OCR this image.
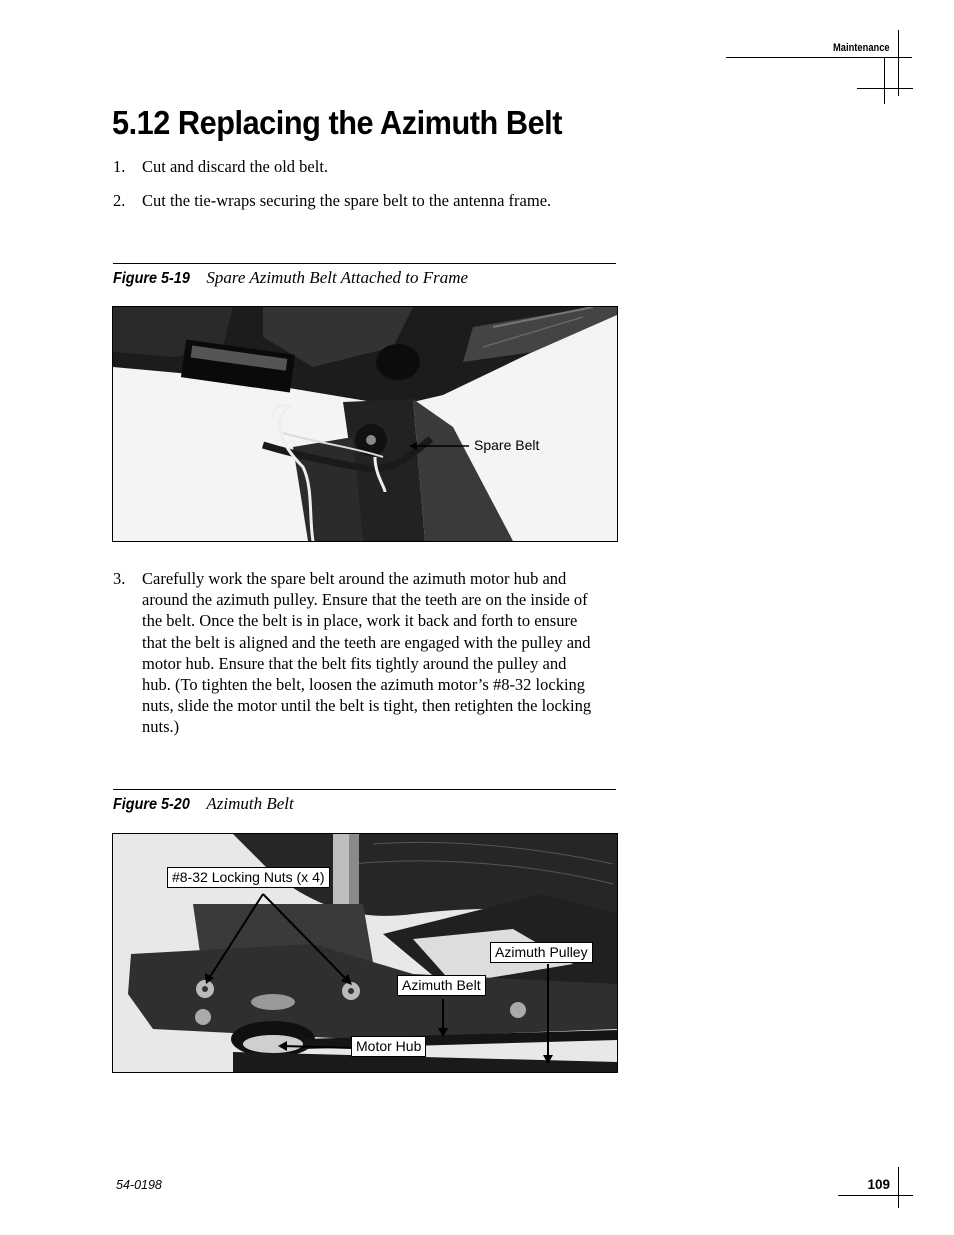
Maintenance
5.12 Replacing the Azimuth Belt
1. Cut and discard the old belt.
2. Cut the tie-wraps securing the spare belt to the antenna frame.
Figure 5-19 Spare Azimuth Belt Attached to Frame
Spare Belt
3. Carefully work the spare belt around the azimuth motor hub and around the azimuth pulley. Ensure that the teeth are on the inside of the belt. Once the belt is in place, work it back and forth to ensure that the belt is aligned and the teeth are engaged with the pulley and motor hub. Ensure that the belt fits tightly around the pulley and hub. (To tighten the belt, loosen the azimuth motor’s #8-32 locking nuts, slide the motor until the belt is tight, then retighten the locking nuts.)
Figure 5-20 Azimuth Belt
#8-32 Locking Nuts (x 4)
Azimuth Pulley
Azimuth Belt
Motor Hub
54-0198	109
